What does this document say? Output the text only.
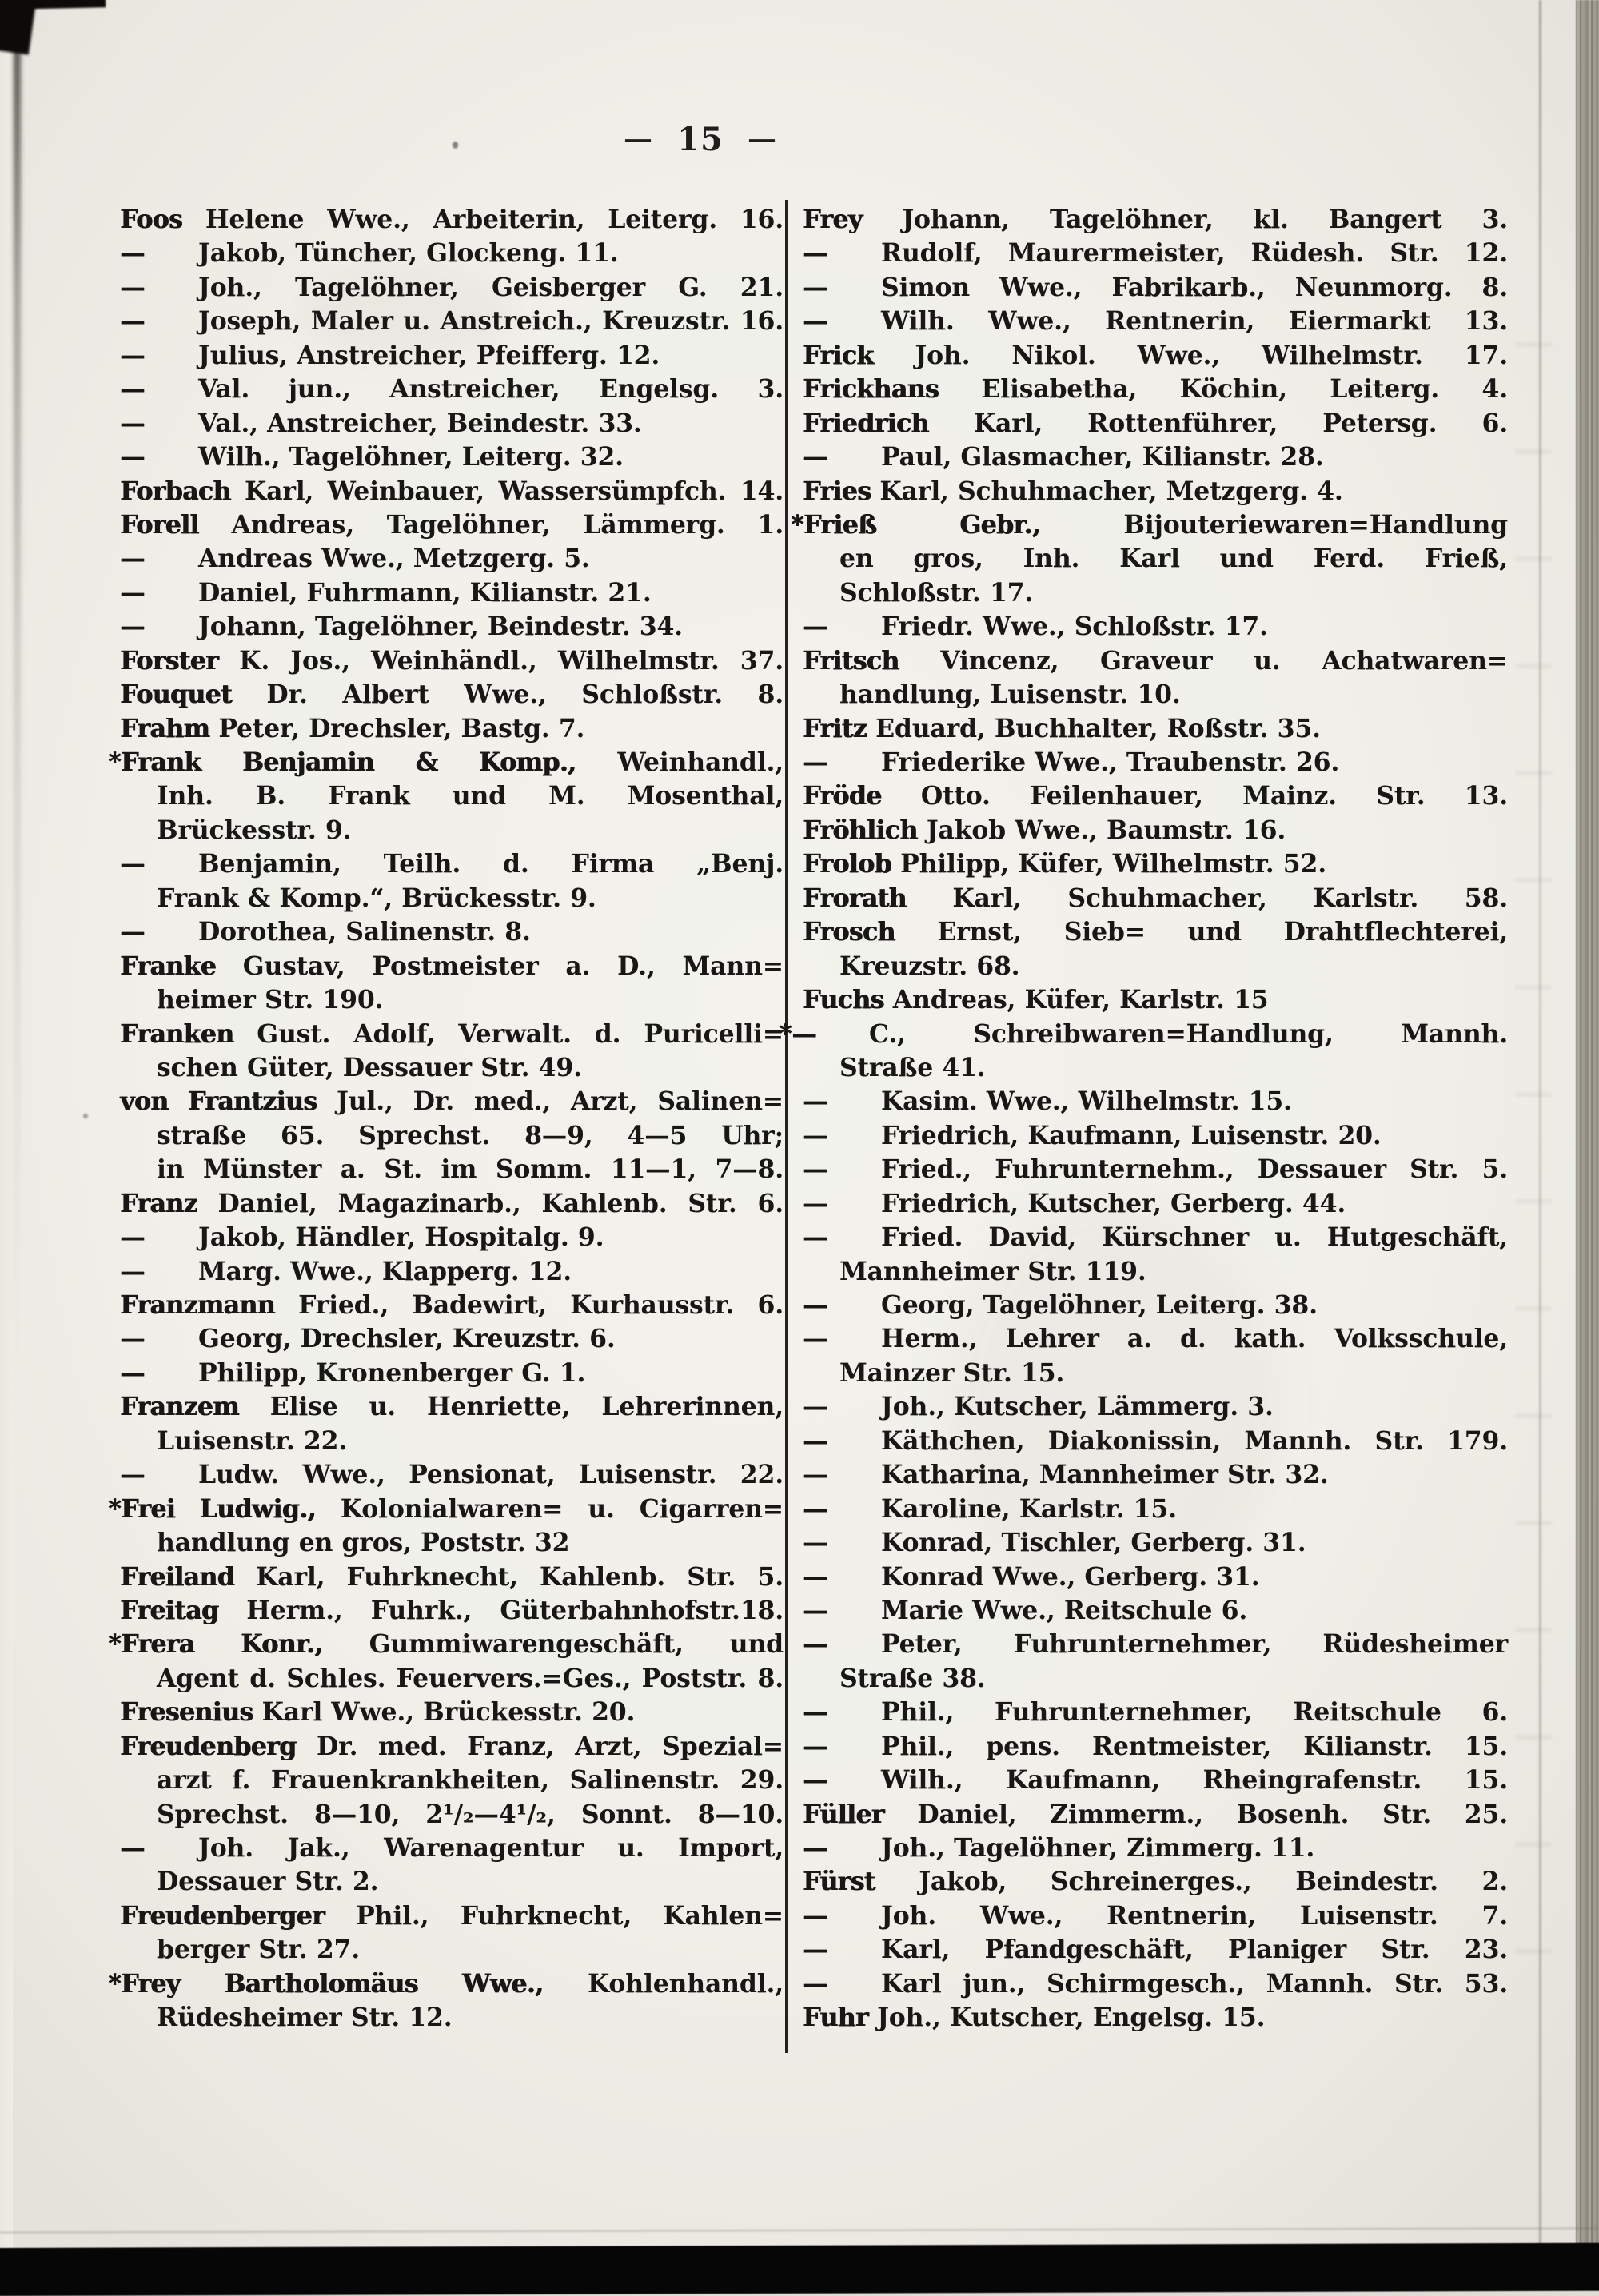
— 15 —
Foos Helene Wwe., Arbeiterin, Leiterg. 16.
— Jakob, Tüncher, Glockeng. 11.
— Joh., Tagelöhner, Geisberger G. 21.
— Joseph, Maler u. Anstreich., Kreuzstr. 16.
— Julius, Anstreicher, Pfeifferg. 12.
— Val. jun., Anstreicher, Engelsg. 3.
— Val., Anstreicher, Beindestr. 33.
— Wilh., Tagelöhner, Leiterg. 32.
Forbach Karl, Weinbauer, Wassersümpfch. 14.
Forell Andreas, Tagelöhner, Lämmerg. 1.
— Andreas Wwe., Metzgerg. 5.
— Daniel, Fuhrmann, Kilianstr. 21.
— Johann, Tagelöhner, Beindestr. 34.
Forster K. Jos., Weinhändl., Wilhelmstr. 37.
Fouquet Dr. Albert Wwe., Schloßstr. 8.
Frahm Peter, Drechsler, Bastg. 7.
*Frank Benjamin & Komp., Weinhandl.,
Inh. B. Frank und M. Mosenthal,
Brückesstr. 9.
— Benjamin, Teilh. d. Firma „Benj.
Frank & Komp.“, Brückesstr. 9.
— Dorothea, Salinenstr. 8.
Franke Gustav, Postmeister a. D., Mann=
heimer Str. 190.
Franken Gust. Adolf, Verwalt. d. Puricelli=
schen Güter, Dessauer Str. 49.
von Frantzius Jul., Dr. med., Arzt, Salinen=
straße 65. Sprechst. 8—9, 4—5 Uhr;
in Münster a. St. im Somm. 11—1, 7—8.
Franz Daniel, Magazinarb., Kahlenb. Str. 6.
— Jakob, Händler, Hospitalg. 9.
— Marg. Wwe., Klapperg. 12.
Franzmann Fried., Badewirt, Kurhausstr. 6.
— Georg, Drechsler, Kreuzstr. 6.
— Philipp, Kronenberger G. 1.
Franzem Elise u. Henriette, Lehrerinnen,
Luisenstr. 22.
— Ludw. Wwe., Pensionat, Luisenstr. 22.
*Frei Ludwig., Kolonialwaren= u. Cigarren=
handlung en gros, Poststr. 32
Freiland Karl, Fuhrknecht, Kahlenb. Str. 5.
Freitag Herm., Fuhrk., Güterbahnhofstr.18.
*Frera Konr., Gummiwarengeschäft, und
Agent d. Schles. Feuervers.=Ges., Poststr. 8.
Fresenius Karl Wwe., Brückesstr. 20.
Freudenberg Dr. med. Franz, Arzt, Spezial=
arzt f. Frauenkrankheiten, Salinenstr. 29.
Sprechst. 8—10, 2¹/₂—4¹/₂, Sonnt. 8—10.
— Joh. Jak., Warenagentur u. Import,
Dessauer Str. 2.
Freudenberger Phil., Fuhrknecht, Kahlen=
berger Str. 27.
*Frey Bartholomäus Wwe., Kohlenhandl.,
Rüdesheimer Str. 12.
Frey Johann, Tagelöhner, kl. Bangert 3.
— Rudolf, Maurermeister, Rüdesh. Str. 12.
— Simon Wwe., Fabrikarb., Neunmorg. 8.
— Wilh. Wwe., Rentnerin, Eiermarkt 13.
Frick Joh. Nikol. Wwe., Wilhelmstr. 17.
Frickhans Elisabetha, Köchin, Leiterg. 4.
Friedrich Karl, Rottenführer, Petersg. 6.
— Paul, Glasmacher, Kilianstr. 28.
Fries Karl, Schuhmacher, Metzgerg. 4.
*Frieß Gebr., Bijouteriewaren=Handlung
en gros, Inh. Karl und Ferd. Frieß,
Schloßstr. 17.
— Friedr. Wwe., Schloßstr. 17.
Fritsch Vincenz, Graveur u. Achatwaren=
handlung, Luisenstr. 10.
Fritz Eduard, Buchhalter, Roßstr. 35.
— Friederike Wwe., Traubenstr. 26.
Fröde Otto. Feilenhauer, Mainz. Str. 13.
Fröhlich Jakob Wwe., Baumstr. 16.
Frolob Philipp, Küfer, Wilhelmstr. 52.
Frorath Karl, Schuhmacher, Karlstr. 58.
Frosch Ernst, Sieb= und Drahtflechterei,
Kreuzstr. 68.
Fuchs Andreas, Küfer, Karlstr. 15
*— C., Schreibwaren=Handlung, Mannh.
Straße 41.
— Kasim. Wwe., Wilhelmstr. 15.
— Friedrich, Kaufmann, Luisenstr. 20.
— Fried., Fuhrunternehm., Dessauer Str. 5.
— Friedrich, Kutscher, Gerberg. 44.
— Fried. David, Kürschner u. Hutgeschäft,
Mannheimer Str. 119.
— Georg, Tagelöhner, Leiterg. 38.
— Herm., Lehrer a. d. kath. Volksschule,
Mainzer Str. 15.
— Joh., Kutscher, Lämmerg. 3.
— Käthchen, Diakonissin, Mannh. Str. 179.
— Katharina, Mannheimer Str. 32.
— Karoline, Karlstr. 15.
— Konrad, Tischler, Gerberg. 31.
— Konrad Wwe., Gerberg. 31.
— Marie Wwe., Reitschule 6.
— Peter, Fuhrunternehmer, Rüdesheimer
Straße 38.
— Phil., Fuhrunternehmer, Reitschule 6.
— Phil., pens. Rentmeister, Kilianstr. 15.
— Wilh., Kaufmann, Rheingrafenstr. 15.
Füller Daniel, Zimmerm., Bosenh. Str. 25.
— Joh., Tagelöhner, Zimmerg. 11.
Fürst Jakob, Schreinerges., Beindestr. 2.
— Joh. Wwe., Rentnerin, Luisenstr. 7.
— Karl, Pfandgeschäft, Planiger Str. 23.
— Karl jun., Schirmgesch., Mannh. Str. 53.
Fuhr Joh., Kutscher, Engelsg. 15.
